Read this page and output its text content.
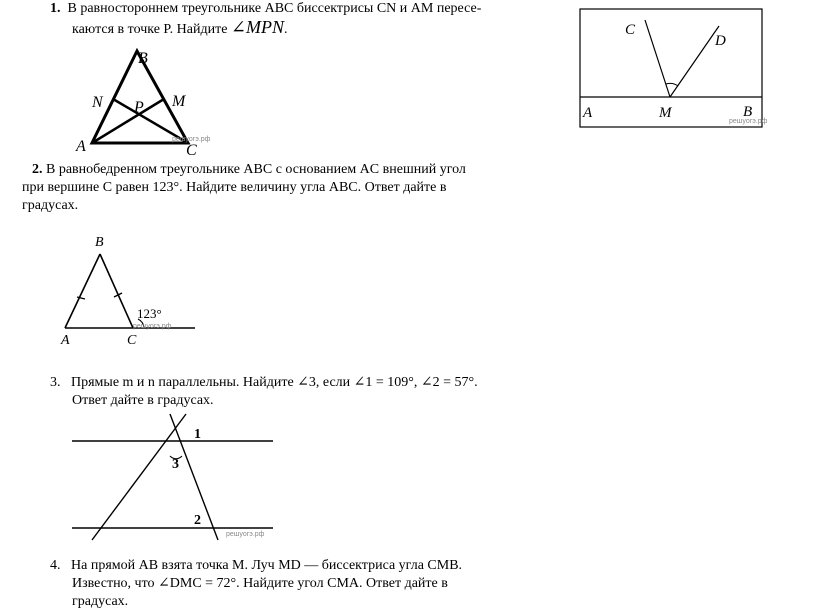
1. В равностороннем треугольнике ABC биссектрисы CN и AM пересе-
каются в точке P. Найдите ∠MPN.
B
N P M
A	C
решуогэ.рф
2. В равнобедренном треугольнике ABC с основанием AC внешний угол
при вершине C равен 123°. Найдите величину угла ABC. Ответ дайте в
градусах.
B
A	C
123°
решуогэ.рф
3. Прямые m и n параллельны. Найдите ∠3, если ∠1 = 109°, ∠2 = 57°.
Ответ дайте в градусах.
1
3
2
решуогэ.рф
4. На прямой AB взята точка M. Луч MD — биссектриса угла CMB.
Известно, что ∠DMC = 72°. Найдите угол CMA. Ответ дайте в
градусах.
C
D
A	M	B
решуогэ.рф
